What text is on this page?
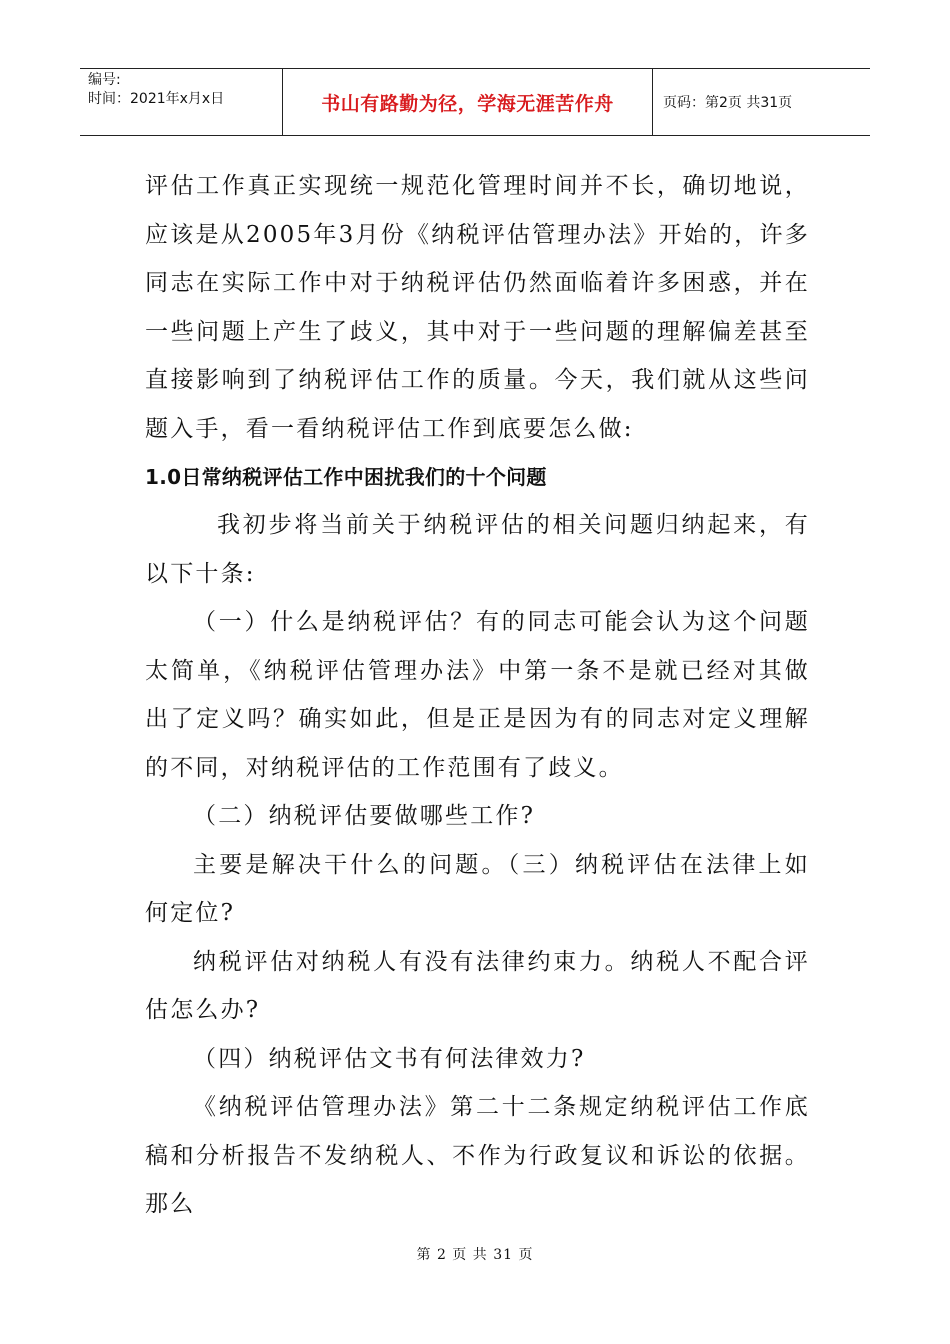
编号:
时间：2021年x月x日	书山有路勤为径，学海无涯苦作舟	页码：第2页 共31页

评估工作真正实现统一规范化管理时间并不长，确切地说，应该是从2005年3月份《纳税评估管理办法》开始的，许多同志在实际工作中对于纳税评估仍然面临着许多困惑，并在一些问题上产生了歧义，其中对于一些问题的理解偏差甚至直接影响到了纳税评估工作的质量。今天，我们就从这些问题入手，看一看纳税评估工作到底要怎么做:

1.0日常纳税评估工作中困扰我们的十个问题

我初步将当前关于纳税评估的相关问题归纳起来，有以下十条:

（一）什么是纳税评估？有的同志可能会认为这个问题太简单，《纳税评估管理办法》中第一条不是就已经对其做出了定义吗？确实如此，但是正是因为有的同志对定义理解的不同，对纳税评估的工作范围有了歧义。

（二）纳税评估要做哪些工作?

主要是解决干什么的问题。（三）纳税评估在法律上如何定位?

纳税评估对纳税人有没有法律约束力。纳税人不配合评估怎么办?

（四）纳税评估文书有何法律效力?

《纳税评估管理办法》第二十二条规定纳税评估工作底稿和分析报告不发纳税人、不作为行政复议和诉讼的依据。那么

第 2 页 共 31 页
